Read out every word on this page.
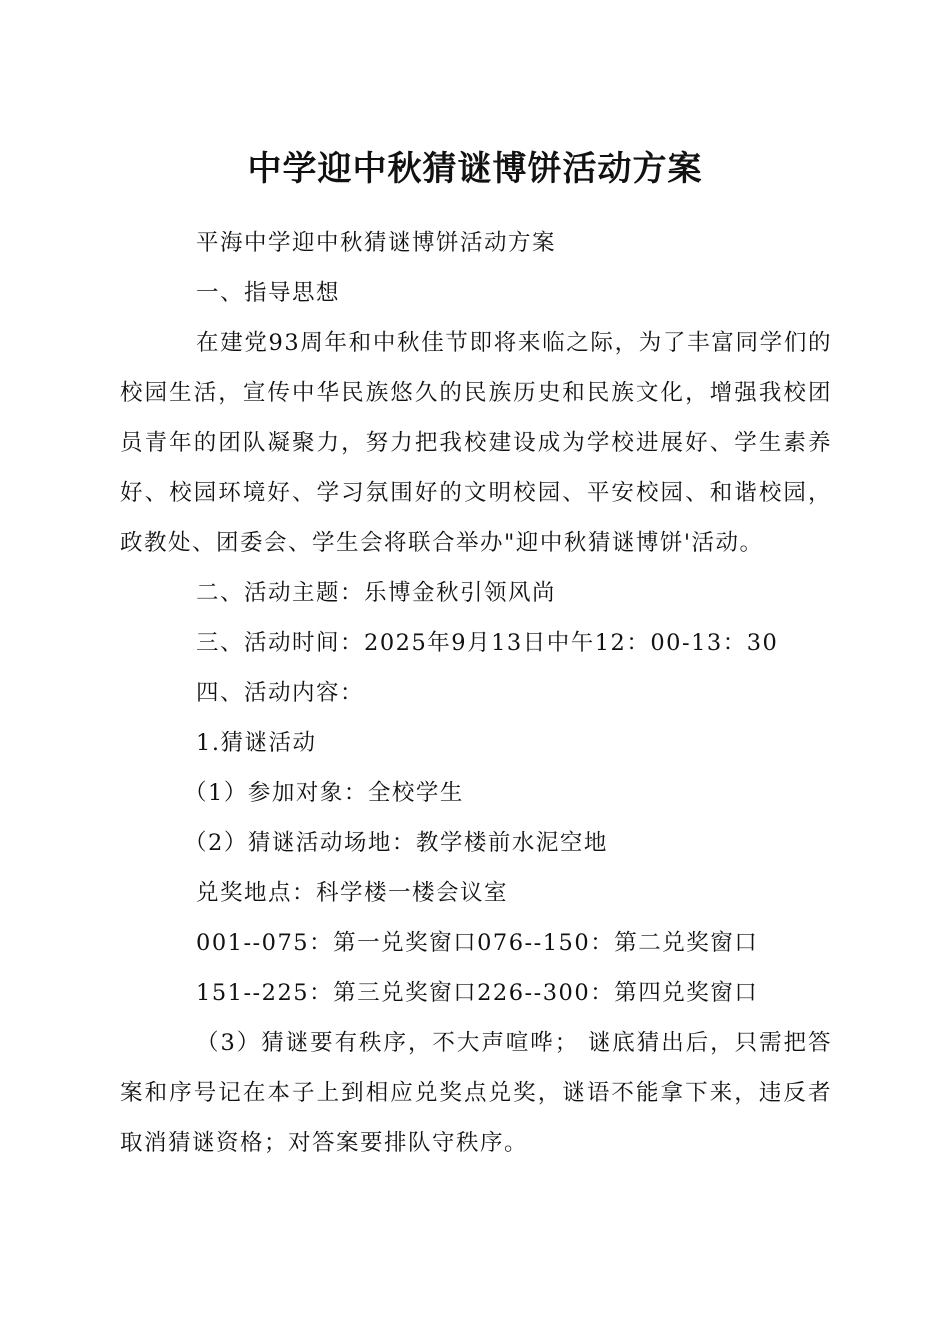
中学迎中秋猜谜博饼活动方案

平海中学迎中秋猜谜博饼活动方案

一、指导思想

在建党93周年和中秋佳节即将来临之际，为了丰富同学们的校园生活，宣传中华民族悠久的民族历史和民族文化，增强我校团员青年的团队凝聚力，努力把我校建设成为学校进展好、学生素养好、校园环境好、学习氛围好的文明校园、平安校园、和谐校园，政教处、团委会、学生会将联合举办"迎中秋猜谜博饼'活动。

二、活动主题：乐博金秋引领风尚

三、活动时间：2025年9月13日中午12：00-13：30

四、活动内容：

1.猜谜活动

（1）参加对象：全校学生

（2）猜谜活动场地：教学楼前水泥空地

兑奖地点：科学楼一楼会议室

001--075：第一兑奖窗口076--150：第二兑奖窗口

151--225：第三兑奖窗口226--300：第四兑奖窗口

（3）猜谜要有秩序，不大声喧哗； 谜底猜出后，只需把答案和序号记在本子上到相应兑奖点兑奖，谜语不能拿下来，违反者取消猜谜资格；对答案要排队守秩序。
